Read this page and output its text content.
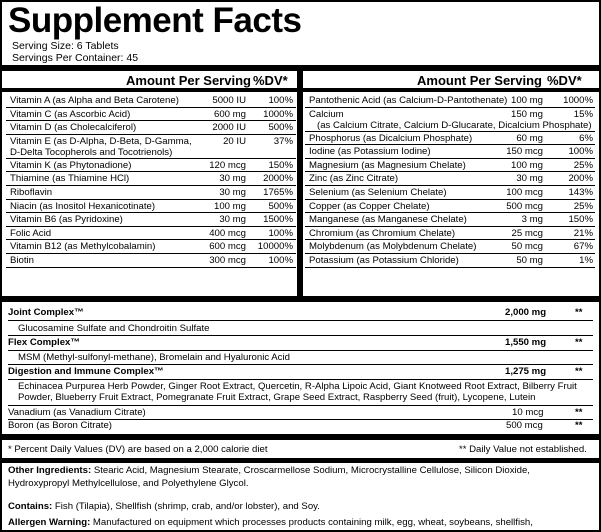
Supplement Facts
Serving Size: 6 Tablets
Servings Per Container: 45
Amount Per Serving %DV*
Vitamin A (as Alpha and Beta Carotene)	5000 IU 100%
Vitamin C (as Ascorbic Acid)	600 mg 1000%
Vitamin D (as Cholecalciferol)	2000 IU 500%
Vitamin E (as D-Alpha, D-Beta, D-Gamma,
D-Delta Tocopherols and Tocotrienols)
20 IU	37%
Vitamin K (as Phytonadione)	120 mcg 150%
Thiamine (as Thiamine HCl)	30 mg 2000%
Riboflavin	30 mg 1765%
Niacin (as Inositol Hexanicotinate)	100 mg 500%
Vitamin B6 (as Pyridoxine)	30 mg 1500%
Folic Acid	400 mcg 100%
Vitamin B12 (as Methylcobalamin)	600 mcg 10000%
Biotin	300 mcg 100%
Amount Per Serving %DV*
Pantothenic Acid (as Calcium-D-Pantothenate) 100 mg 1000%
Calcium
(as Calcium Citrate, Calcium D-Glucarate, Dicalcium Phosphate)
150 mg	15%
Phosphorus (as Dicalcium Phosphate)	60 mg	6%
Iodine (as Potassium Iodine)	150 mcg	100%
Magnesium (as Magnesium Chelate)	100 mg	25%
Zinc (as Zinc Citrate)	30 mg	200%
Selenium (as Selenium Chelate)	100 mcg	143%
Copper (as Copper Chelate)	500 mcg	25%
Manganese (as Manganese Chelate)	3 mg	150%
Chromium (as Chromium Chelate)	25 mcg	21%
Molybdenum (as Molybdenum Chelate)	50 mcg	67%
Potassium (as Potassium Chloride)	50 mg	1%
Joint Complex™	2,000 mg	**
Glucosamine Sulfate and Chondroitin Sulfate
Flex Complex™	1,550 mg	**
MSM (Methyl-sulfonyl-methane), Bromelain and Hyaluronic Acid
Digestion and Immune Complex™	1,275 mg	**
Echinacea Purpurea Herb Powder, Ginger Root Extract, Quercetin, R-Alpha Lipoic Acid, Giant Knotweed Root Extract, Bilberry Fruit
Powder, Blueberry Fruit Extract, Pomegranate Fruit Extract, Grape Seed Extract, Raspberry Seed (fruit), Lycopene, Lutein
Vanadium (as Vanadium Citrate)	10 mcg	**
Boron (as Boron Citrate)	500 mcg	**
* Percent Daily Values (DV) are based on a 2,000 calorie diet	** Daily Value not established.
Other Ingredients: Stearic Acid, Magnesium Stearate, Croscarmellose Sodium, Microcrystalline Cellulose, Silicon Dioxide,
Hydroxypropyl Methylcellulose, and Polyethylene Glycol.
Contains: Fish (Tilapia), Shellfish (shrimp, crab, and/or lobster), and Soy.
Allergen Warning: Manufactured on equipment which processes products containing milk, egg, wheat, soybeans, shellfish,
